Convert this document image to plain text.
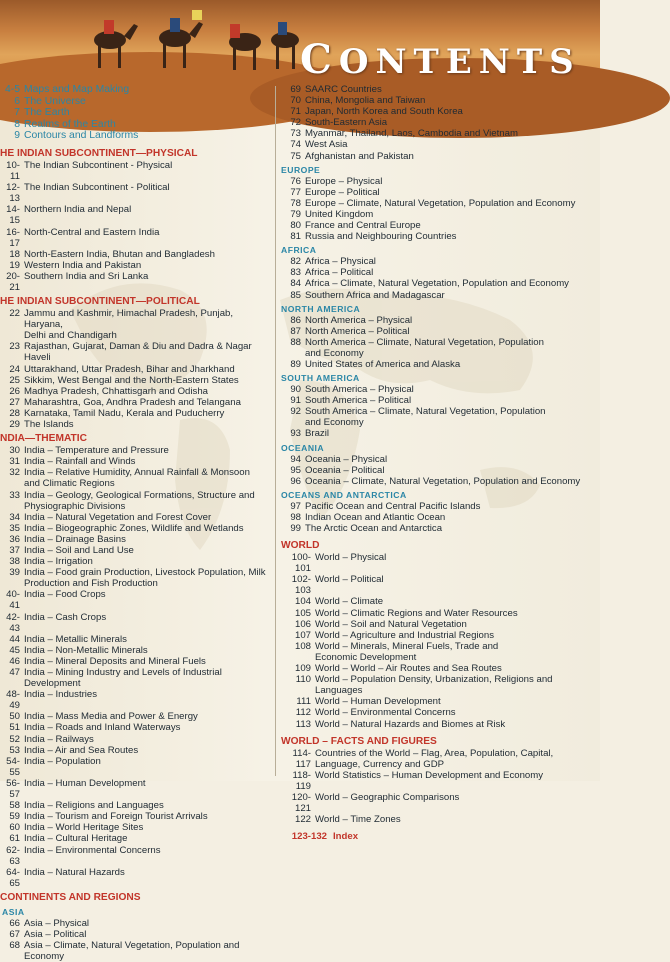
CONTENTS
4-5 Maps and Map Making
6 The Universe
7 The Earth
8 Realms of the Earth
9 Contours and Landforms
HE INDIAN SUBCONTINENT—PHYSICAL
10-11
The Indian Subcontinent - Physical
12-13
The Indian Subcontinent - Political
14-15
Northern India and Nepal
16-17
North-Central and Eastern India
18 North-Eastern India, Bhutan and Bangladesh
19 Western India and Pakistan
20-21
Southern India and Sri Lanka
HE INDIAN SUBCONTINENT—POLITICAL
22 Jammu and Kashmir, Himachal Pradesh, Punjab, Haryana,
Delhi and Chandigarh
23 Rajasthan, Gujarat, Daman & Diu and Dadra & Nagar Haveli
24 Uttarakhand, Uttar Pradesh, Bihar and Jharkhand
25 Sikkim, West Bengal and the North-Eastern States
26 Madhya Pradesh, Chhattisgarh and Odisha
27 Maharashtra, Goa, Andhra Pradesh and Telangana
28 Karnataka, Tamil Nadu, Kerala and Puducherry
29 The Islands
NDIA—THEMATIC
30 India – Temperature and Pressure
31 India – Rainfall and Winds
32 India – Relative Humidity, Annual Rainfall & Monsoon
and Climatic Regions
33 India – Geology, Geological Formations, Structure and
Physiographic Divisions
34 India – Natural Vegetation and Forest Cover
35 India – Biogeographic Zones, Wildlife and Wetlands
36 India – Drainage Basins
37 India – Soil and Land Use
38 India – Irrigation
39 India – Food grain Production, Livestock Population, Milk
Production and Fish Production
40-41
India – Food Crops
42-43
India – Cash Crops
44 India – Metallic Minerals
45 India – Non-Metallic Minerals
46 India – Mineral Deposits and Mineral Fuels
47 India – Mining Industry and Levels of Industrial Development
48-49
India – Industries
50 India – Mass Media and Power & Energy
51 India – Roads and Inland Waterways
52 India – Railways
53 India – Air and Sea Routes
54-55
India – Population
56-57
India – Human Development
58 India – Religions and Languages
59 India – Tourism and Foreign Tourist Arrivals
60 India – World Heritage Sites
61 India – Cultural Heritage
62-63
India – Environmental Concerns
64-65
India – Natural Hazards
CONTINENTS AND REGIONS
ASIA
66 Asia – Physical
67 Asia – Political
68 Asia – Climate, Natural Vegetation, Population and Economy
69 SAARC Countries
70 China, Mongolia and Taiwan
71 Japan, North Korea and South Korea
72 South-Eastern Asia
73 Myanmar, Thailand, Laos, Cambodia and Vietnam
74 West Asia
75 Afghanistan and Pakistan
EUROPE
76 Europe – Physical
77 Europe – Political
78 Europe – Climate, Natural Vegetation, Population and Economy
79 United Kingdom
80 France and Central Europe
81 Russia and Neighbouring Countries
AFRICA
82 Africa – Physical
83 Africa – Political
84 Africa – Climate, Natural Vegetation, Population and Economy
85 Southern Africa and Madagascar
NORTH AMERICA
86 North America – Physical
87 North America – Political
88 North America – Climate, Natural Vegetation, Population
and Economy
89 United States of America and Alaska
SOUTH AMERICA
90 South America – Physical
91 South America – Political
92 South America – Climate, Natural Vegetation, Population
and Economy
93 Brazil
OCEANIA
94 Oceania – Physical
95 Oceania – Political
96 Oceania – Climate, Natural Vegetation, Population and Economy
OCEANS AND ANTARCTICA
97 Pacific Ocean and Central Pacific Islands
98 Indian Ocean and Atlantic Ocean
99 The Arctic Ocean and Antarctica
WORLD
100-101
World – Physical
102-103
World – Political
104 World – Climate
105 World – Climatic Regions and Water Resources
106 World – Soil and Natural Vegetation
107 World – Agriculture and Industrial Regions
108 World – Minerals, Mineral Fuels, Trade and
Economic Development
109 World – World – Air Routes and Sea Routes
110 World – Population Density, Urbanization, Religions and
Languages
111 World – Human Development
112 World – Environmental Concerns
113 World – Natural Hazards and Biomes at Risk
WORLD – FACTS AND FIGURES
114-117
Countries of the World – Flag, Area, Population, Capital,
Language, Currency and GDP
118-119
World Statistics – Human Development and Economy
120-121
World – Geographic Comparisons
122 World – Time Zones
123-132 Index
